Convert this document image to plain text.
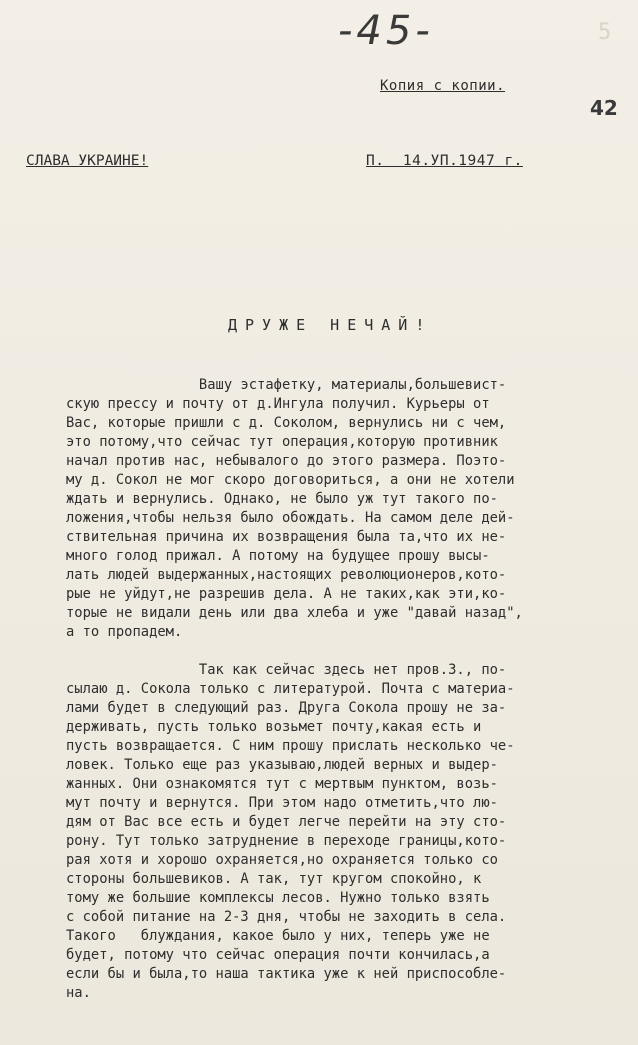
5
-45-
42
Копия с копии.
СЛАВА УКРАИНЕ!	П.  14.УП.1947 г.
ДРУЖЕ НЕЧАЙ!
Вашу эстафетку, материалы,большевист-
скую прессу и почту от д.Ингула получил. Курьеры от
Вас, которые пришли с д. Соколом, вернулись ни с чем,
это потому,что сейчас тут операция,которую противник
начал против нас, небывалого до этого размера. Поэто-
му д. Сокол не мог скоро договориться, а они не хотели
ждать и вернулись. Однако, не было уж тут такого по-
ложения,чтобы нельзя было обождать. На самом деле дей-
ствительная причина их возвращения была та,что их не-
много голод прижал. А потому на будущее прошу высы-
лать людей выдержанных,настоящих революционеров,кото-
рые не уйдут,не разрешив дела. А не таких,как эти,ко-
торые не видали день или два хлеба и уже "давай назад",
а то пропадем.
Так как сейчас здесь нет пров.З., по-
сылаю д. Сокола только с литературой. Почта с материа-
лами будет в следующий раз. Друга Сокола прошу не за-
держивать, пусть только возьмет почту,какая есть и
пусть возвращается. С ним прошу прислать несколько че-
ловек. Только еще раз указываю,людей верных и выдер-
жанных. Они ознакомятся тут с мертвым пунктом, возь-
мут почту и вернутся. При этом надо отметить,что лю-
дям от Вас все есть и будет легче перейти на эту сто-
рону. Тут только затруднение в переходе границы,кото-
рая хотя и хорошо охраняется,но охраняется только со
стороны большевиков. А так, тут кругом спокойно, к
тому же большие комплексы лесов. Нужно только взять
с собой питание на 2-3 дня, чтобы не заходить в села.
Такого   блуждания, какое было у них, теперь уже не
будет, потому что сейчас операция почти кончилась,а
если бы и была,то наша тактика уже к ней приспособле-
на.
